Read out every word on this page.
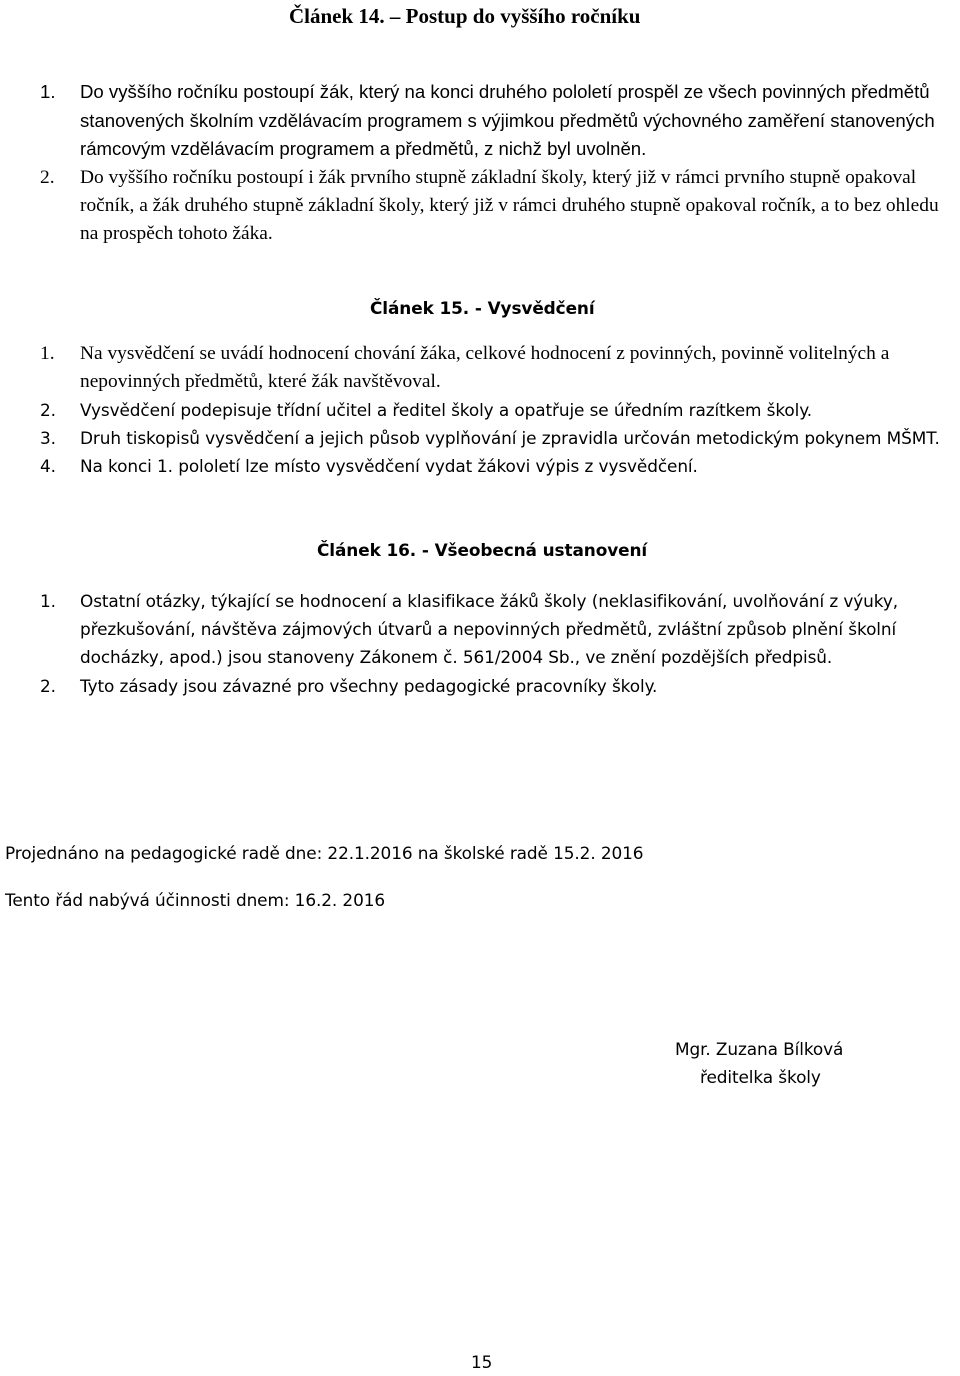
Článek 14. – Postup do vyššího ročníku
1. Do vyššího ročníku postoupí žák, který na konci druhého pololetí prospěl ze všech povinných předmětů stanovených školním vzdělávacím programem s výjimkou předmětů výchovného zaměření stanovených rámcovým vzdělávacím programem a předmětů, z nichž byl uvolněn.
2. Do vyššího ročníku postoupí i žák prvního stupně základní školy, který již v rámci prvního stupně opakoval ročník, a žák druhého stupně základní školy, který již v rámci druhého stupně opakoval ročník, a to bez ohledu na prospěch tohoto žáka.
Článek 15. - Vysvědčení
1. Na vysvědčení se uvádí hodnocení chování žáka, celkové hodnocení z povinných, povinně volitelných a nepovinných předmětů, které žák navštěvoval.
2. Vysvědčení podepisuje třídní učitel a ředitel školy a opatřuje se úředním razítkem školy.
3. Druh tiskopisů vysvědčení a jejich působ vyplňování je zpravidla určován metodickým pokynem MŠMT.
4. Na konci 1. pololetí lze místo vysvědčení vydat žákovi výpis z vysvědčení.
Článek 16. - Všeobecná ustanovení
1. Ostatní otázky, týkající se hodnocení a klasifikace žáků školy (neklasifikování, uvolňování z výuky, přezkušování, návštěva zájmových útvarů a nepovinných předmětů, zvláštní způsob plnění školní docházky, apod.) jsou stanoveny Zákonem č. 561/2004 Sb., ve znění pozdějších předpisů.
2. Tyto zásady jsou závazné pro všechny pedagogické pracovníky školy.
Projednáno na pedagogické radě dne: 22.1.2016 na školské radě 15.2. 2016
Tento řád nabývá účinnosti dnem: 16.2. 2016
Mgr. Zuzana Bílková
ředitelka školy
15
